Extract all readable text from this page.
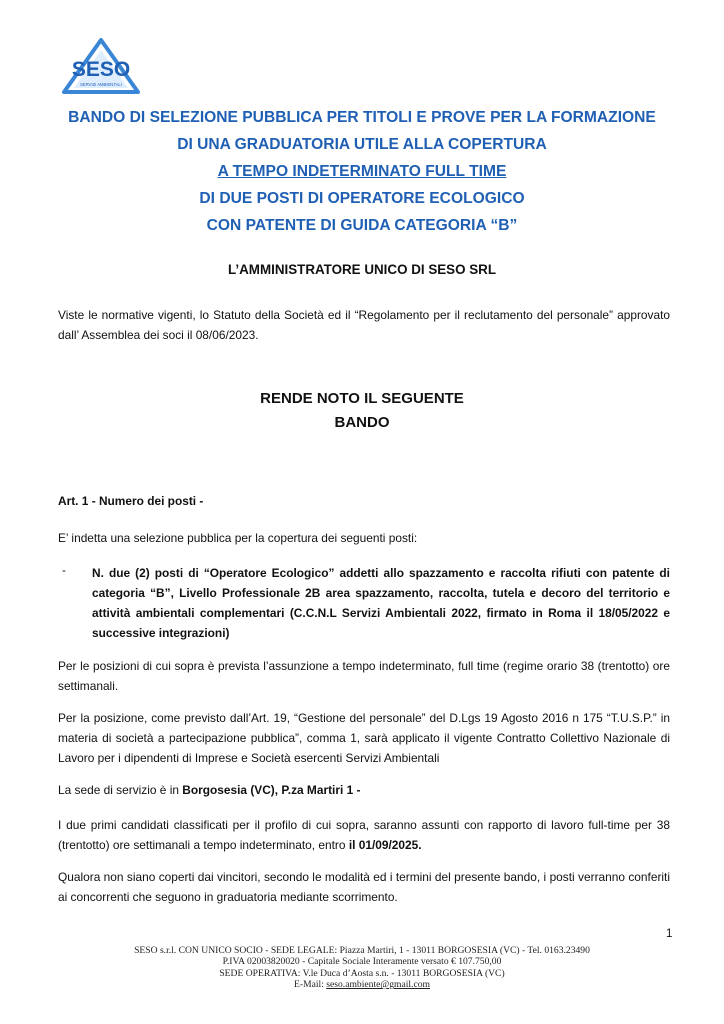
SESO
SERVIZI AMBIENTALI
BANDO DI SELEZIONE PUBBLICA PER TITOLI E PROVE PER LA FORMAZIONE
DI UNA GRADUATORIA UTILE ALLA COPERTURA
A TEMPO INDETERMINATO FULL TIME
DI DUE POSTI DI OPERATORE ECOLOGICO
CON PATENTE DI GUIDA CATEGORIA “B”
L’AMMINISTRATORE UNICO DI SESO SRL
Viste le normative vigenti, lo Statuto della Società ed il “Regolamento per il reclutamento del personale” approvato dall’ Assemblea dei soci il 08/06/2023.
RENDE NOTO IL SEGUENTE
BANDO
Art. 1 - Numero dei posti -
E’ indetta una selezione pubblica per la copertura dei seguenti posti:
- N. due (2) posti di “Operatore Ecologico” addetti allo spazzamento e raccolta rifiuti con patente di categoria “B”, Livello Professionale 2B area spazzamento, raccolta, tutela e decoro del territorio e attività ambientali complementari (C.C.N.L Servizi Ambientali 2022, firmato in Roma il 18/05/2022 e successive integrazioni)
Per le posizioni di cui sopra è prevista l’assunzione a tempo indeterminato, full time (regime orario 38 (trentotto) ore settimanali.
Per la posizione, come previsto dall’Art. 19, “Gestione del personale” del D.Lgs 19 Agosto 2016 n 175 “T.U.S.P.” in materia di società a partecipazione pubblica”, comma 1, sarà applicato il vigente Contratto Collettivo Nazionale di Lavoro per i dipendenti di Imprese e Società esercenti Servizi Ambientali
La sede di servizio è in Borgosesia (VC), P.za Martiri 1 -
I due primi candidati classificati per il profilo di cui sopra, saranno assunti con rapporto di lavoro full-time per 38 (trentotto) ore settimanali a tempo indeterminato, entro il 01/09/2025.
Qualora non siano coperti dai vincitori, secondo le modalità ed i termini del presente bando, i posti verranno conferiti ai concorrenti che seguono in graduatoria mediante scorrimento.
1
SESO s.r.l. CON UNICO SOCIO - SEDE LEGALE: Piazza Martiri, 1 - 13011 BORGOSESIA (VC) - Tel. 0163.23490
P.IVA 02003820020 - Capitale Sociale Interamente versato € 107.750,00
SEDE OPERATIVA: V.le Duca d’Aosta s.n. - 13011 BORGOSESIA (VC)
E-Mail: seso.ambiente@gmail.com
